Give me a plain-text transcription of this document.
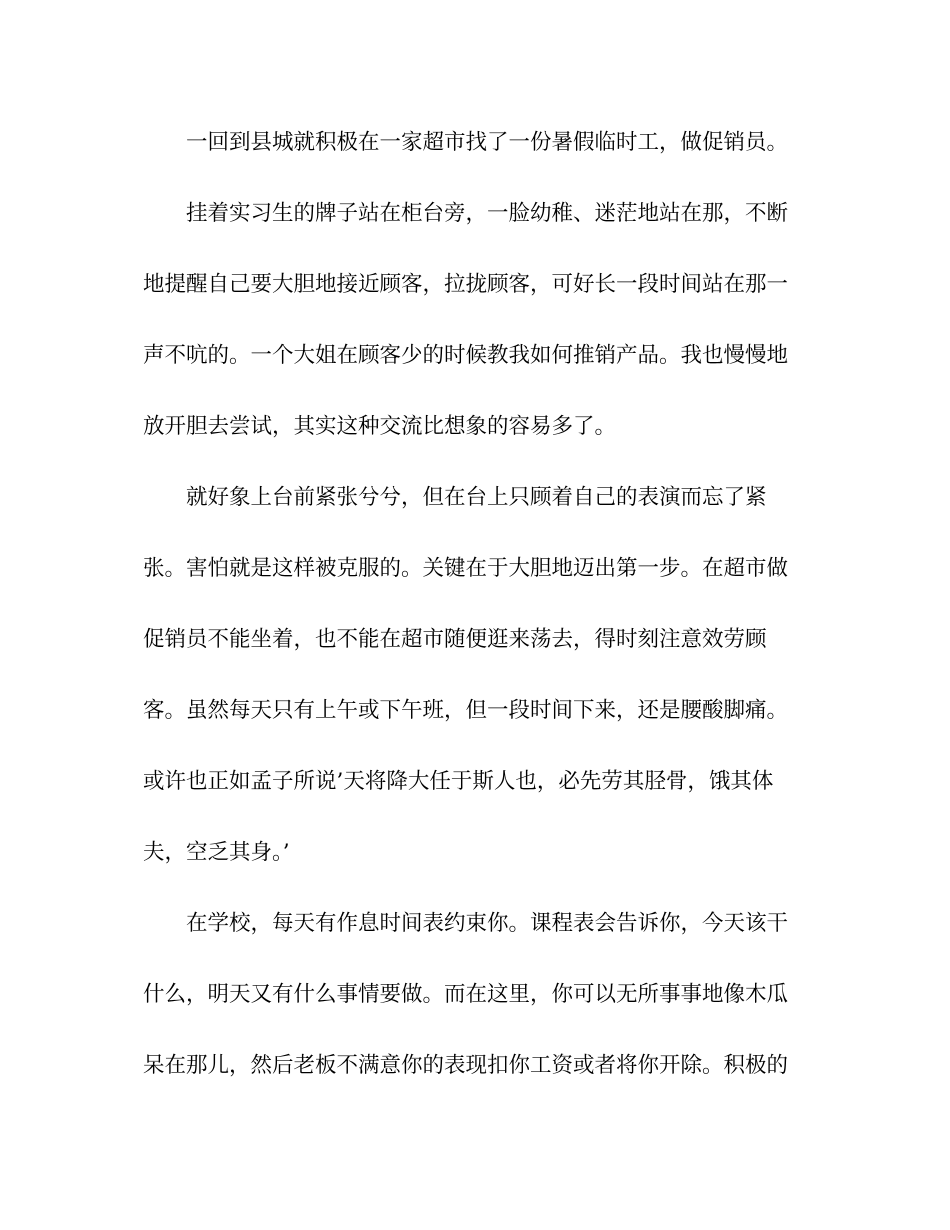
一回到县城就积极在一家超市找了一份暑假临时工，做促销员。

挂着实习生的牌子站在柜台旁，一脸幼稚、迷茫地站在那，不断

地提醒自己要大胆地接近顾客，拉拢顾客，可好长一段时间站在那一

声不吭的。一个大姐在顾客少的时候教我如何推销产品。我也慢慢地

放开胆去尝试，其实这种交流比想象的容易多了。

就好象上台前紧张兮兮，但在台上只顾着自己的表演而忘了紧

张。害怕就是这样被克服的。关键在于大胆地迈出第一步。在超市做

促销员不能坐着，也不能在超市随便逛来荡去，得时刻注意效劳顾

客。虽然每天只有上午或下午班，但一段时间下来，还是腰酸脚痛。

或许也正如孟子所说’天将降大任于斯人也，必先劳其胫骨，饿其体

夫，空乏其身。’

在学校，每天有作息时间表约束你。课程表会告诉你，今天该干

什么，明天又有什么事情要做。而在这里，你可以无所事事地像木瓜

呆在那儿，然后老板不满意你的表现扣你工资或者将你开除。积极的
